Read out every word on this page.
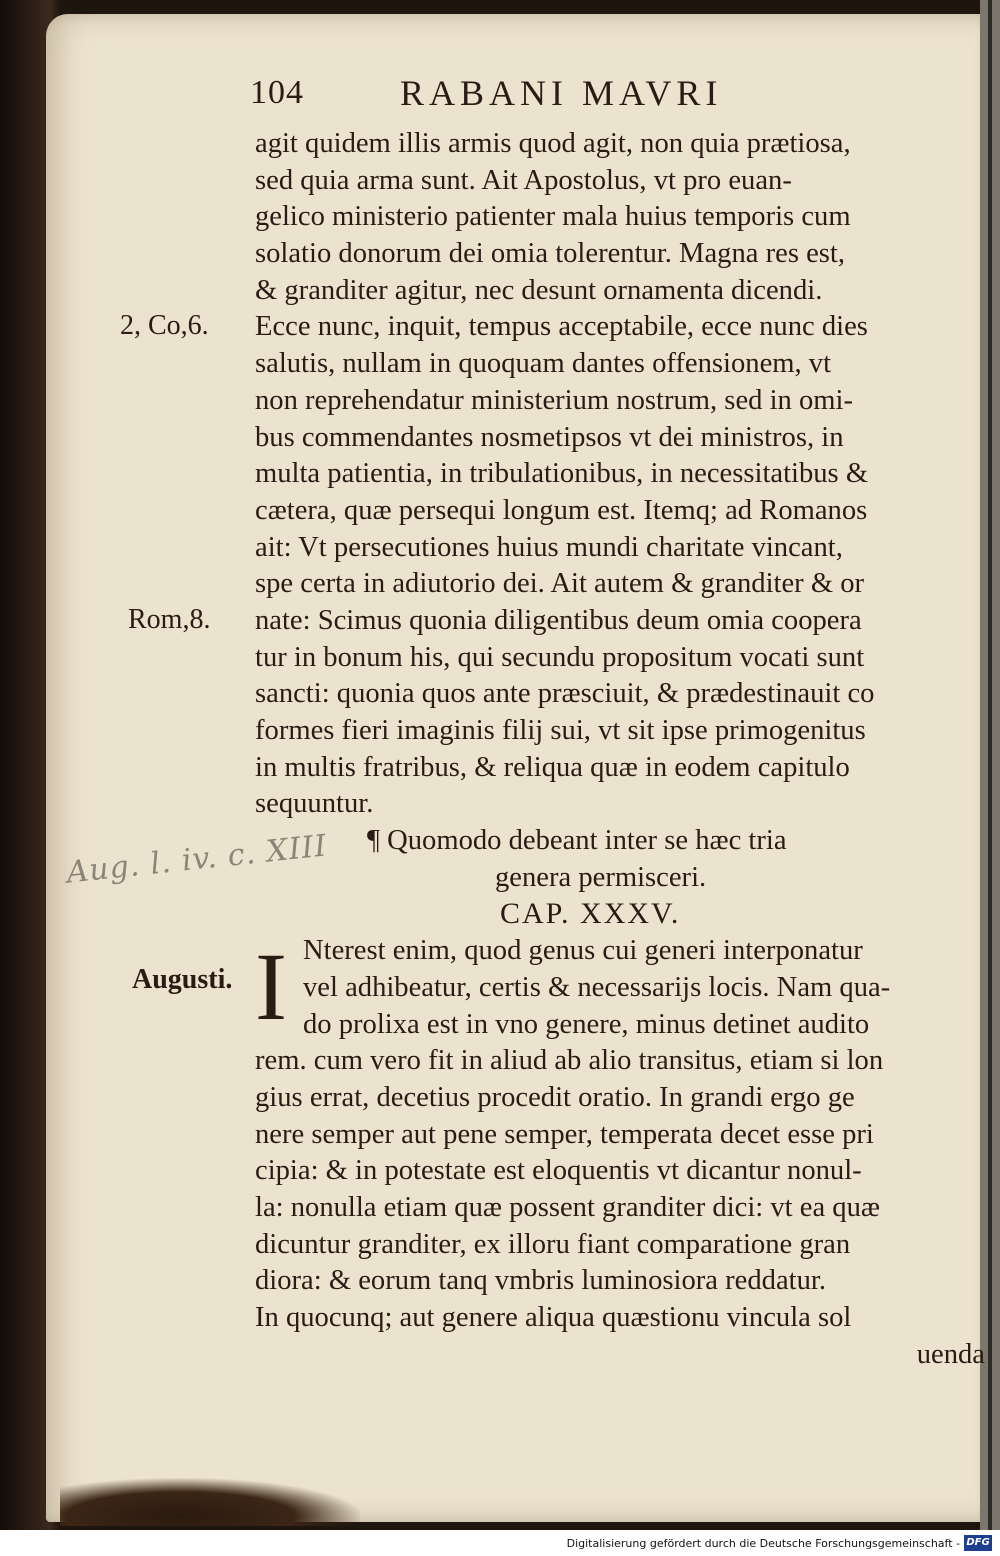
104	RABANI MAVRI
2, Co,6.
Rom,8.
Augusti.
Aug. l. iv. c. XIII
agit quidem illis armis quod agit, non quia prætiosa,
sed quia arma sunt. Ait Apostolus, vt pro euan-
gelico ministerio patienter mala huius temporis cum
solatio donorum dei omia tolerentur. Magna res est,
& granditer agitur, nec desunt ornamenta dicendi.
Ecce nunc, inquit, tempus acceptabile, ecce nunc dies
salutis, nullam in quoquam dantes offensionem, vt
non reprehendatur ministerium nostrum, sed in omi-
bus commendantes nosmetipsos vt dei ministros, in
multa patientia, in tribulationibus, in necessitatibus &
cætera, quæ persequi longum est. Itemq; ad Romanos
ait: Vt persecutiones huius mundi charitate vincant,
spe certa in adiutorio dei. Ait autem & granditer & or
nate: Scimus quonia diligentibus deum omia coopera
tur in bonum his, qui secundu propositum vocati sunt
sancti: quonia quos ante præsciuit, & prædestinauit co
formes fieri imaginis filij sui, vt sit ipse primogenitus
in multis fratribus, & reliqua quæ in eodem capitulo
sequuntur.
¶ Quomodo debeant inter se hæc tria
genera permisceri.
CAP. XXXV.
Nterest enim, quod genus cui generi interponatur
vel adhibeatur, certis & necessarijs locis. Nam qua-
do prolixa est in vno genere, minus detinet audito
rem. cum vero fit in aliud ab alio transitus, etiam si lon
gius errat, decetius procedit oratio. In grandi ergo ge
nere semper aut pene semper, temperata decet esse pri
cipia: & in potestate est eloquentis vt dicantur nonul-
la: nonulla etiam quæ possent granditer dici: vt ea quæ
dicuntur granditer, ex illoru fiant comparatione gran
diora: & eorum tanq vmbris luminosiora reddatur.
In quocunq; aut genere aliqua quæstionu vincula sol
uenda
I
Digitalisierung gefördert durch die Deutsche Forschungsgemeinschaft - DFG
